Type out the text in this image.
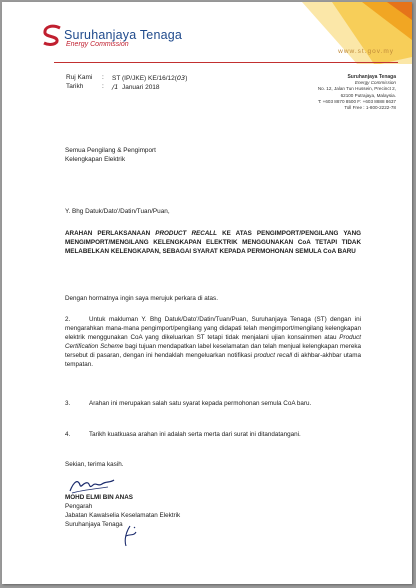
Suruhanjaya Tenaga
Energy Commission
www.st.gov.my
Ruj Kami : ST (IP/JKE) KE/16/12(03)
Tarikh	: /1 Januari 2018
Suruhanjaya Tenaga
Energy Commission
No. 12, Jalan Tun Hussein, Precinct 2,
62100 Putrajaya, Malaysia.
T: +603 8870 8500 F: +603 8888 8637
Toll Free : 1-800-2222-78
Semua Pengilang & Pengimport
Kelengkapan Elektrik
Y. Bhg Datuk/Dato'/Datin/Tuan/Puan,
ARAHAN PERLAKSANAAN PRODUCT RECALL KE ATAS PENGIMPORT/PENGILANG YANG MENGIMPORT/MENGILANG KELENGKAPAN ELEKTRIK MENGGUNAKAN CoA TETAPI TIDAK MELABELKAN KELENGKAPAN, SEBAGAI SYARAT KEPADA PERMOHONAN SEMULA CoA BARU
Dengan hormatnya ingin saya merujuk perkara di atas.
2.	Untuk makluman Y. Bhg Datuk/Dato'/Datin/Tuan/Puan, Suruhanjaya Tenaga (ST) dengan ini mengarahkan mana-mana pengimport/pengilang yang didapati telah mengimport/mengilang kelengkapan elektrik menggunakan CoA yang dikeluarkan ST tetapi tidak menjalani ujian konsainmen atau Product Certification Scheme bagi tujuan mendapatkan label keselamatan dan telah menjual kelengkapan mereka tersebut di pasaran, dengan ini hendaklah mengeluarkan notifikasi product recall di akhbar-akhbar utama tempatan.
3.	Arahan ini merupakan salah satu syarat kepada permohonan semula CoA baru.
4.	Tarikh kuatkuasa arahan ini adalah serta merta dari surat ini ditandatangani.
Sekian, terima kasih.
MOHD ELMI BIN ANAS
Pengarah
Jabatan Kawalselia Keselamatan Elektrik
Suruhanjaya Tenaga
